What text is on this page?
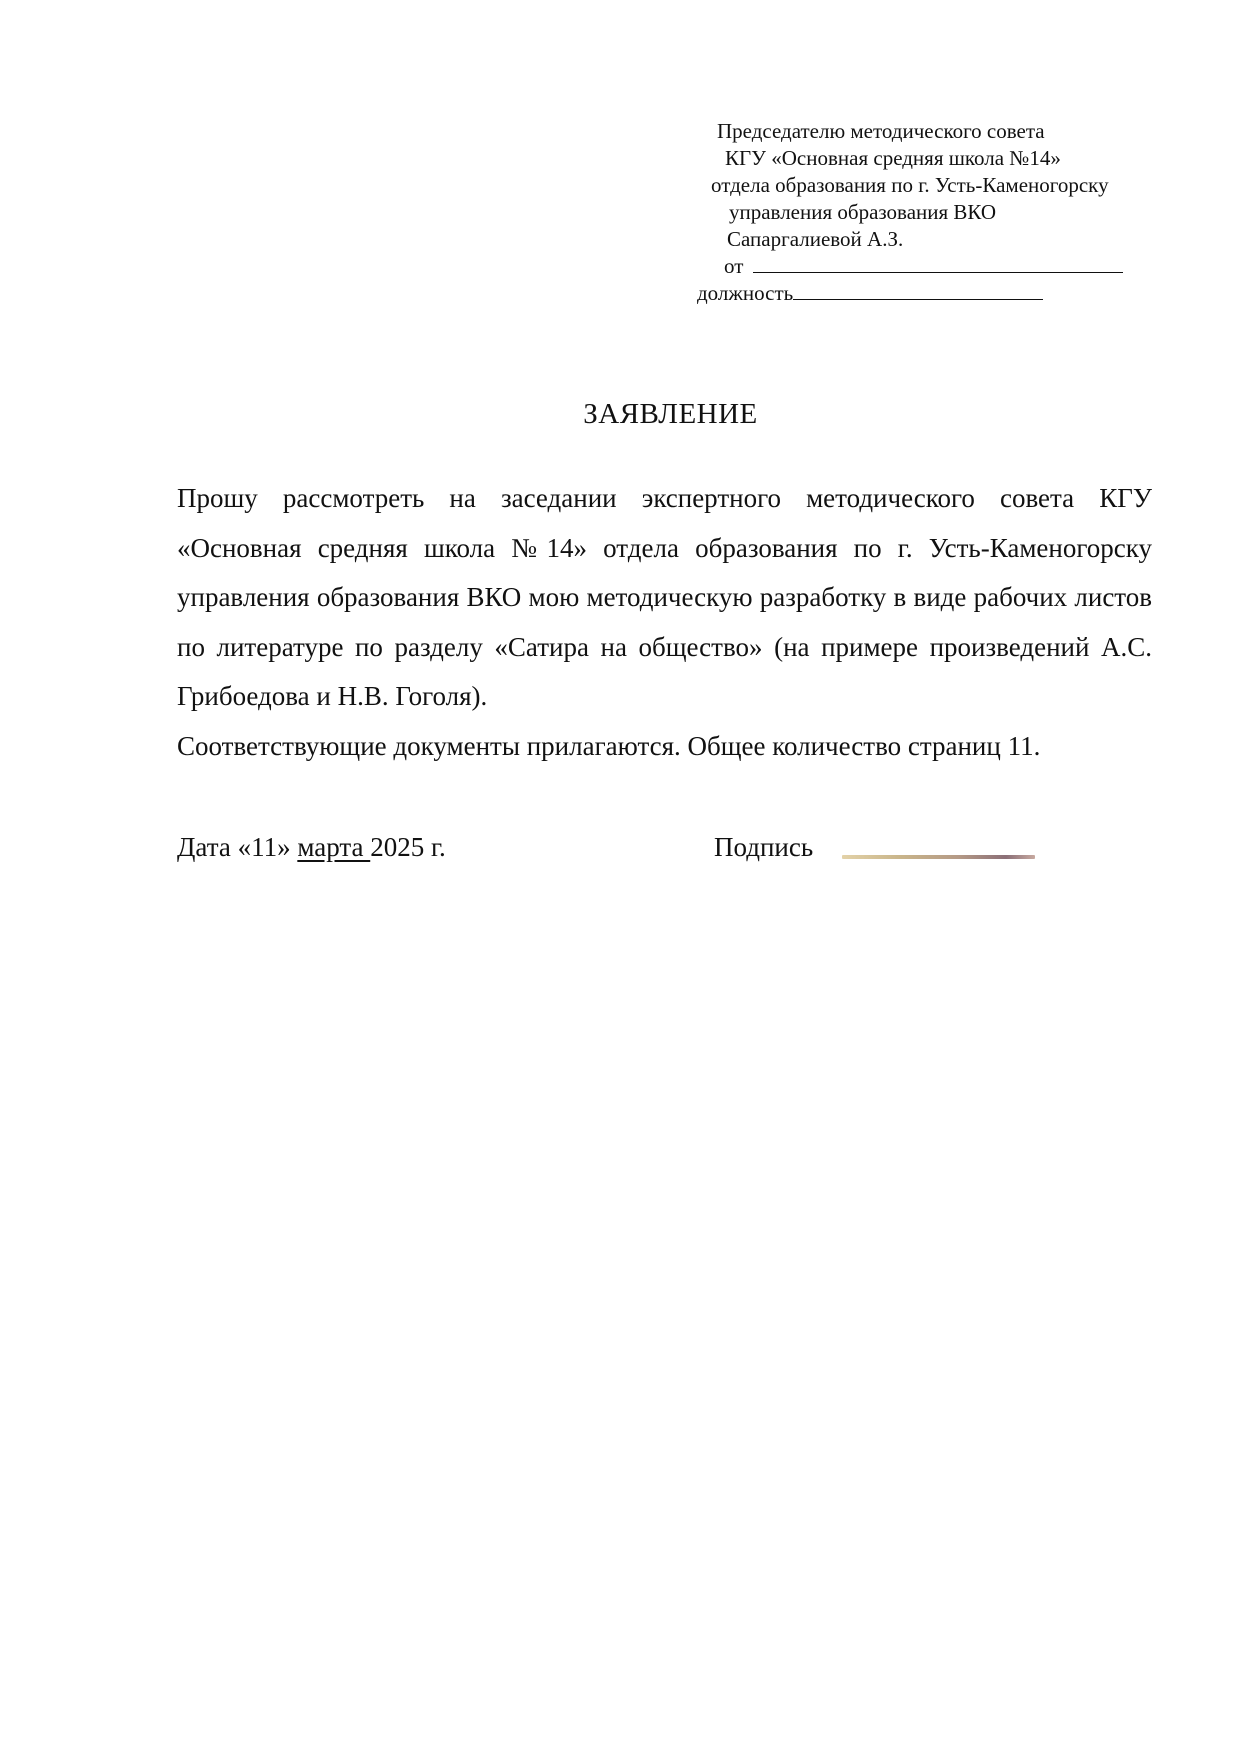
Председателю методического совета
КГУ «Основная средняя школа №14»
отдела образования по г. Усть-Каменогорску
управления образования ВКО
Сапаргалиевой А.З.
от
должность
ЗАЯВЛЕНИЕ

Прошу рассмотреть на заседании экспертного методического совета КГУ «Основная средняя школа №14» отдела образования по г. Усть-Каменогорску управления образования ВКО мою методическую разработку в виде рабочих листов по литературе по разделу «Сатира на общество» (на примере произведений А.С. Грибоедова и Н.В. Гоголя).

Соответствующие документы прилагаются. Общее количество страниц 11.

Дата «11» марта 2025 г.	Подпись
